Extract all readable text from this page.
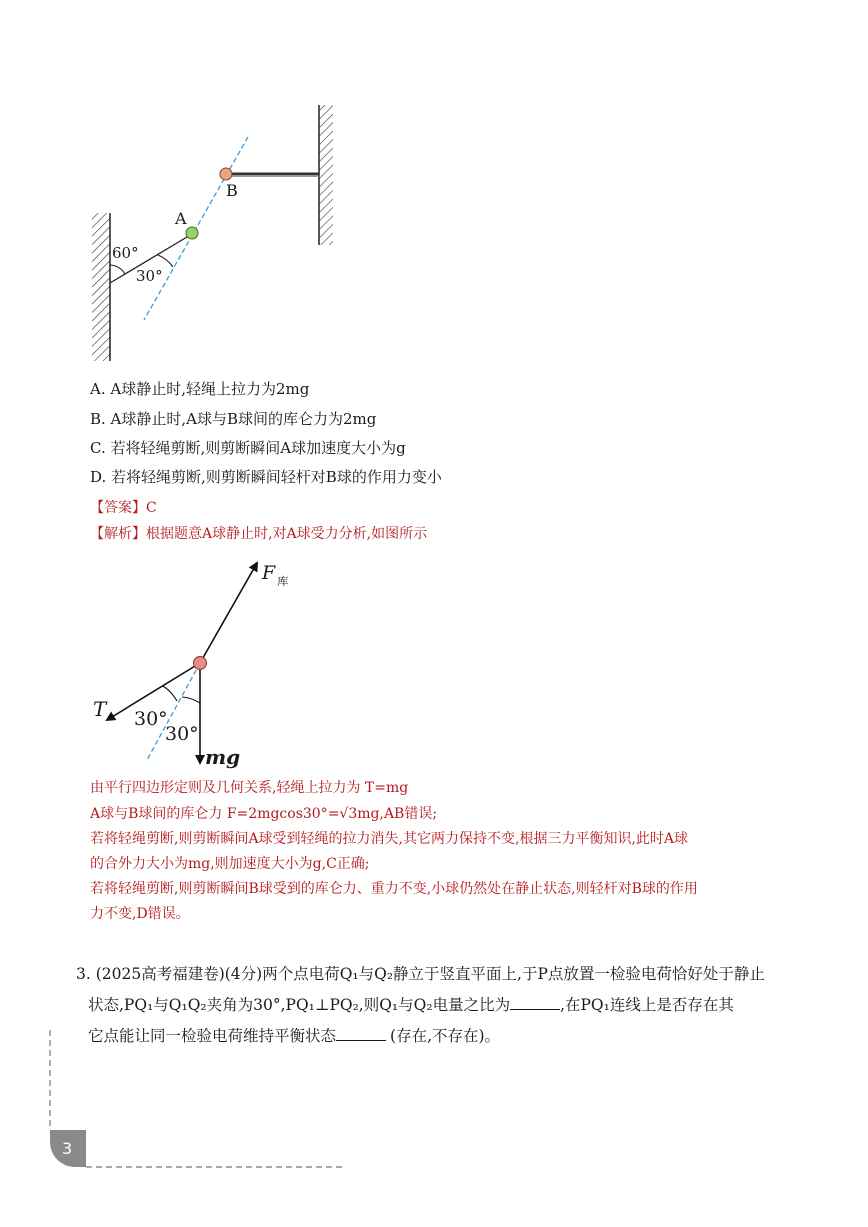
B
A
60°
30°
A. A球静止时,轻绳上拉力为2mg
B. A球静止时,A球与B球间的库仑力为2mg
C. 若将轻绳剪断,则剪断瞬间A球加速度大小为g
D. 若将轻绳剪断,则剪断瞬间轻杆对B球的作用力变小
【答案】C
【解析】根据题意A球静止时,对A球受力分析,如图所示
F $_库$
T 30°
30°
mg
由平行四边形定则及几何关系,轻绳上拉力为 T=mg
A球与B球间的库仑力 F=2mgcos30°=√3mg,AB错误;
若将轻绳剪断,则剪断瞬间A球受到轻绳的拉力消失,其它两力保持不变,根据三力平衡知识,此时A球
的合外力大小为mg,则加速度大小为g,C正确;
若将轻绳剪断,则剪断瞬间B球受到的库仑力、重力不变,小球仍然处在静止状态,则轻杆对B球的作用
力不变,D错误。
3. (2025高考福建卷)(4分)两个点电荷Q₁与Q₂静立于竖直平面上,于P点放置一检验电荷恰好处于静止
状态,PQ₁与Q₁Q₂夹角为30°,PQ₁⊥PQ₂,则Q₁与Q₂电量之比为	,在PQ₁连线上是否存在其
它点能让同一检验电荷维持平衡状态	(存在,不存在)。
3
